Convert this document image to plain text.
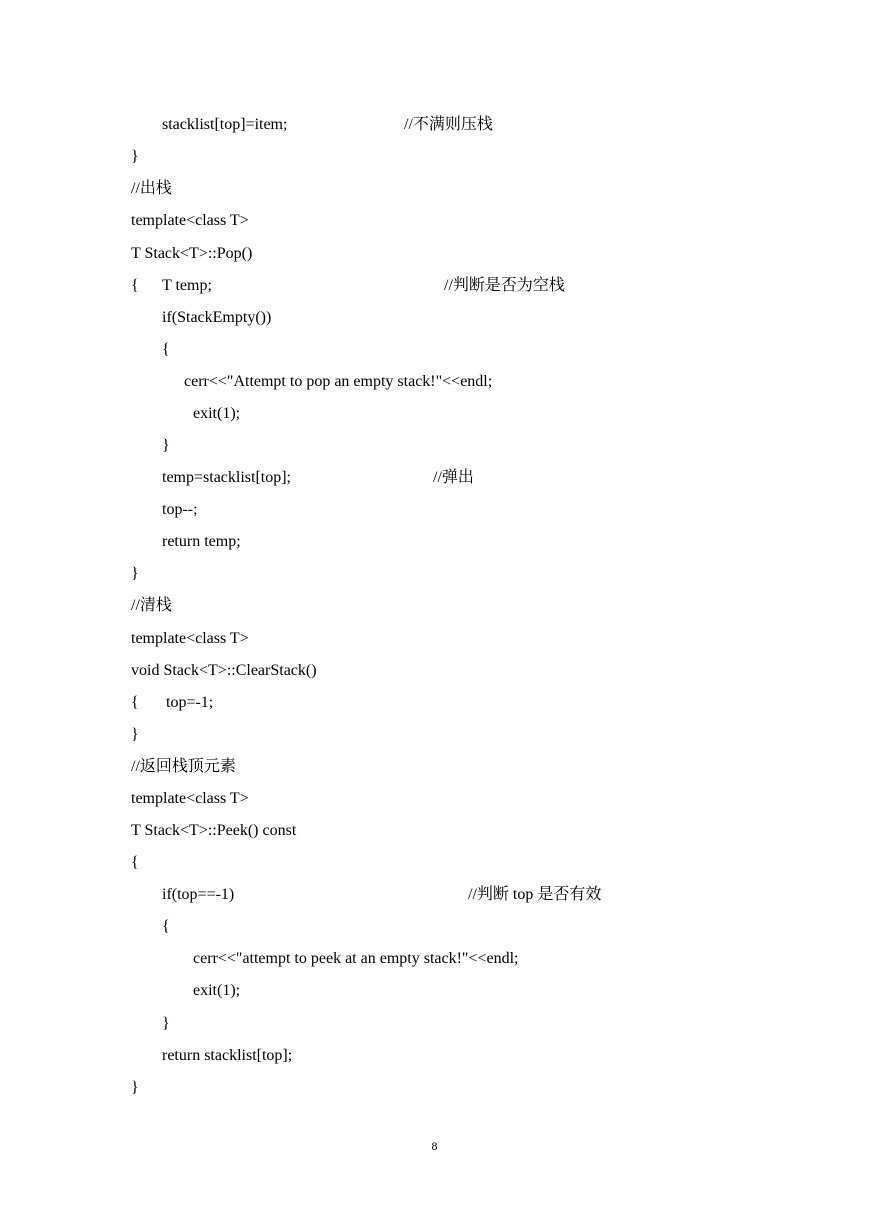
stacklist[top]=item;	//不满则压栈
}
//出栈
template<class T>
T Stack<T>::Pop()
{ T temp;	//判断是否为空栈
if(StackEmpty())
{
cerr<<"Attempt to pop an empty stack!"<<endl;
exit(1);
}
temp=stacklist[top];	//弹出
top--;
return temp;
}
//清栈
template<class T>
void Stack<T>::ClearStack()
{ top=-1;
}
//返回栈顶元素
template<class T>
T Stack<T>::Peek() const
{
if(top==-1)	//判断 top 是否有效
{
cerr<<"attempt to peek at an empty stack!"<<endl;
exit(1);
}
return stacklist[top];
}
8
